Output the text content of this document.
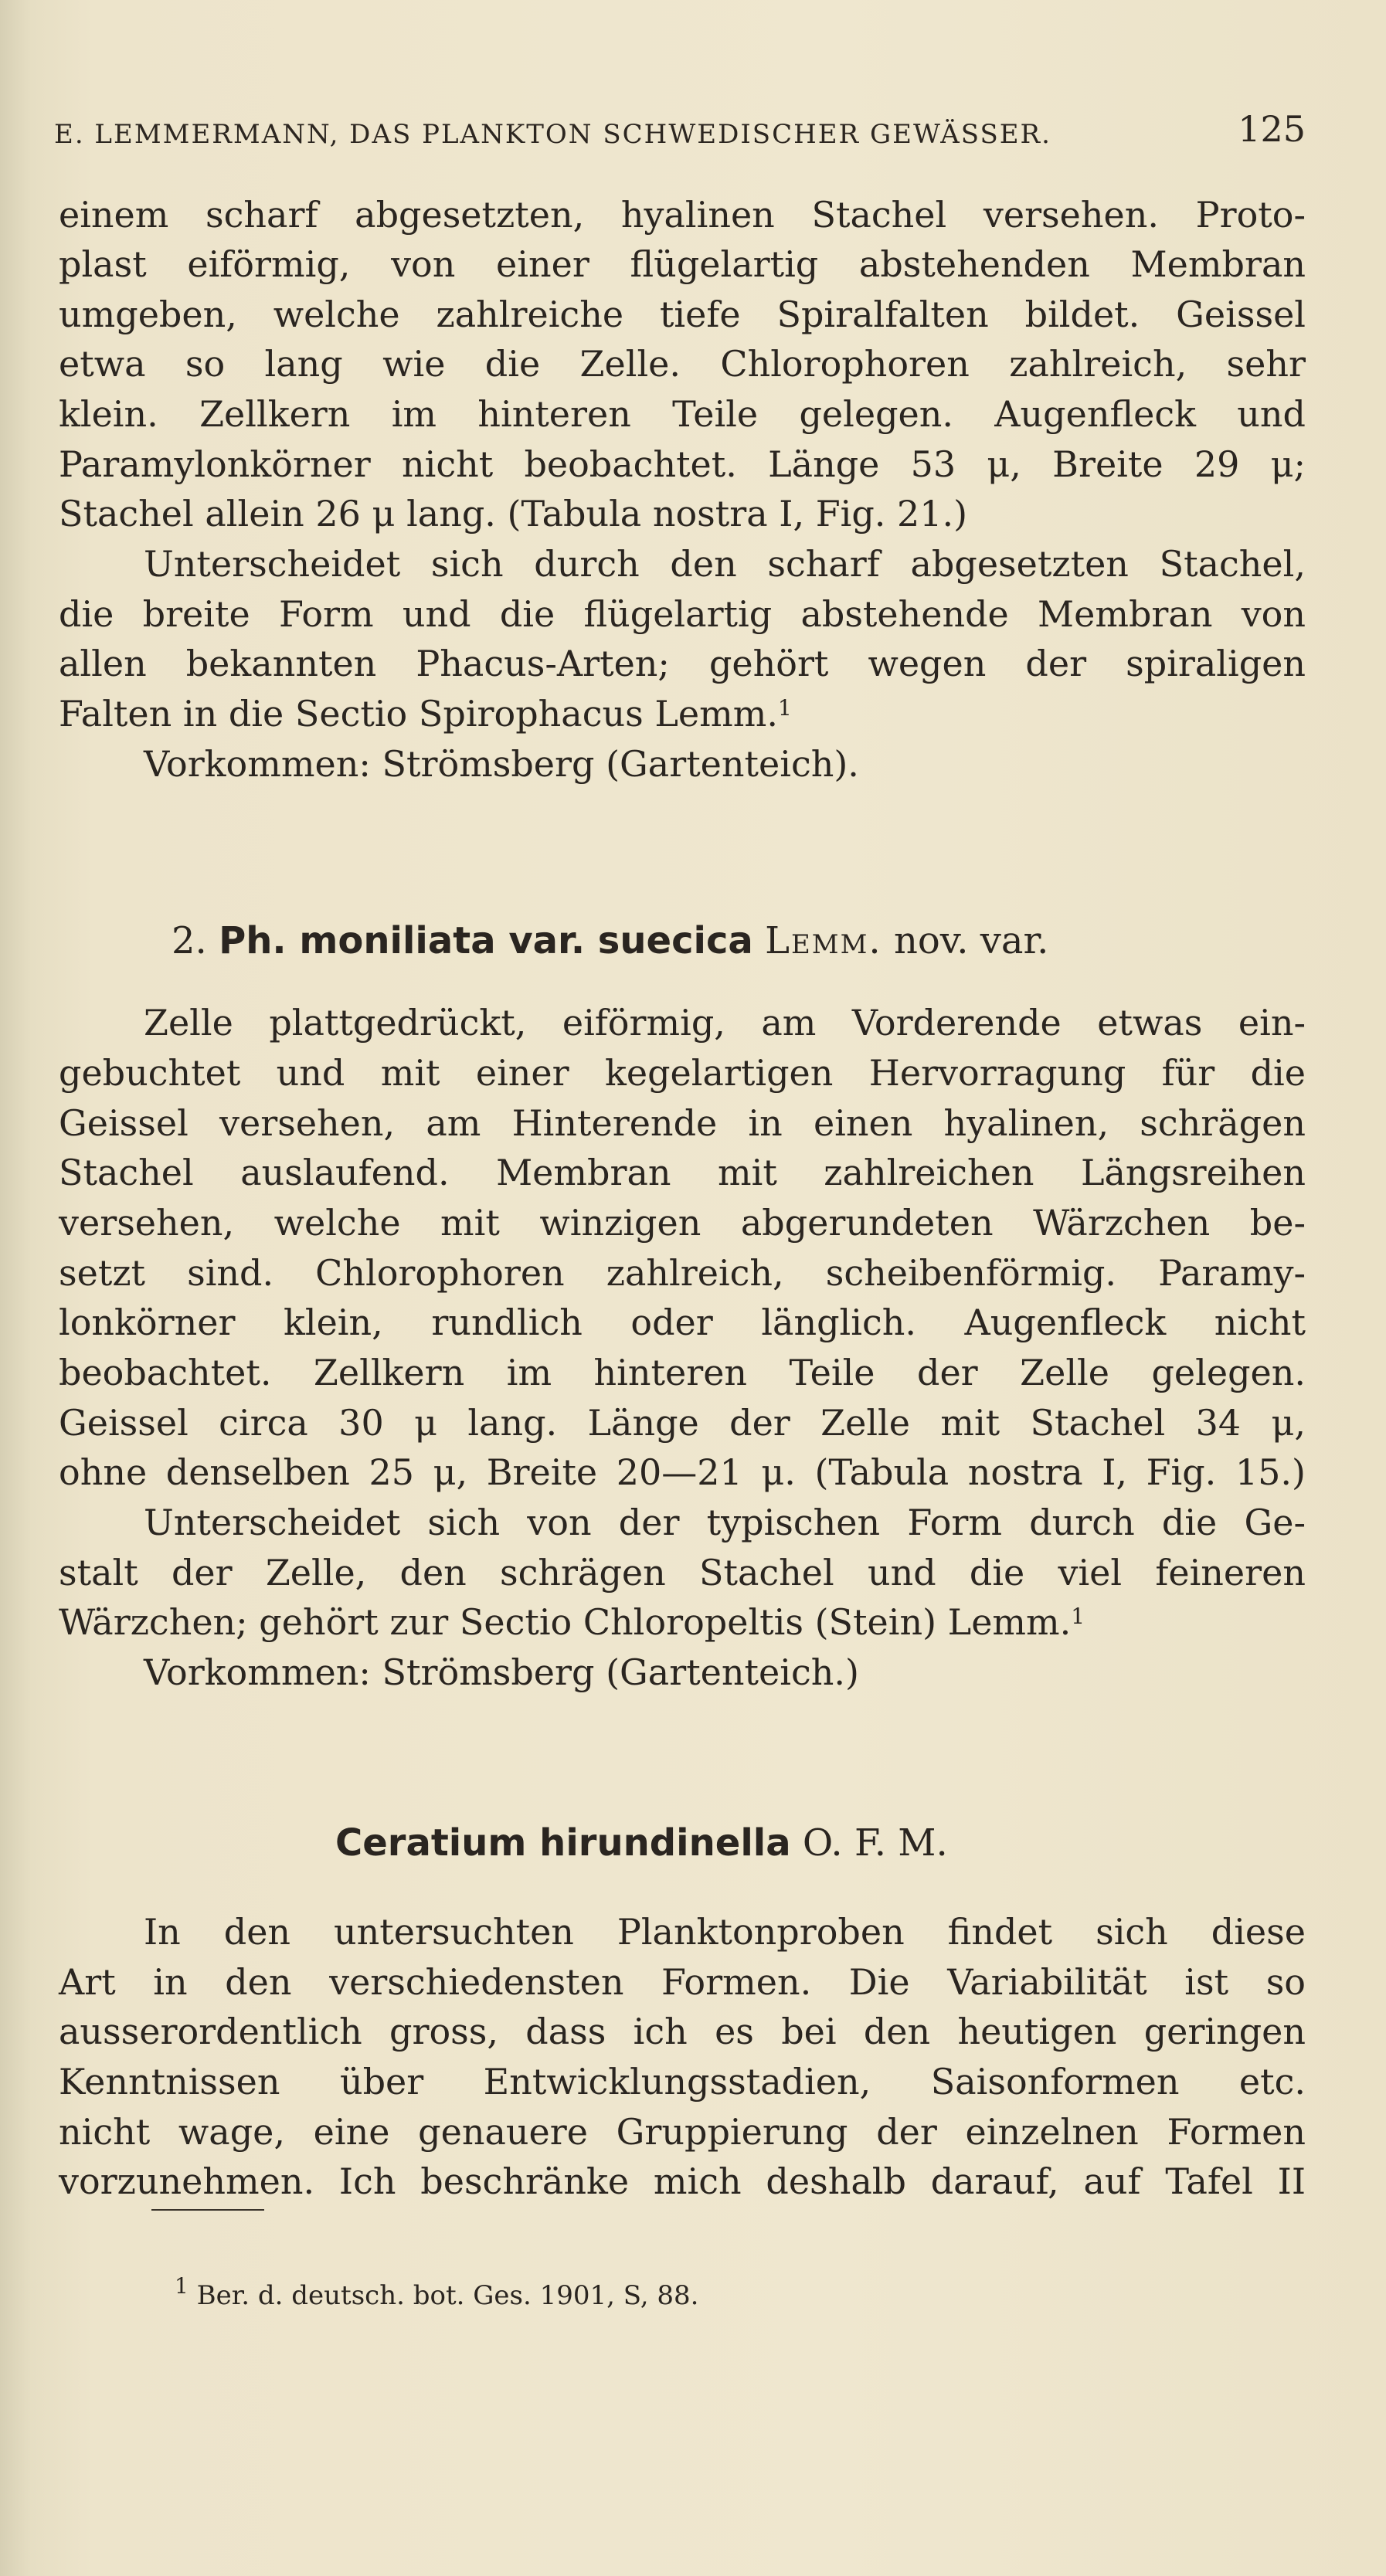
E. LEMMERMANN, DAS PLANKTON SCHWEDISCHER GEWÄSSER.	125
einem scharf abgesetzten, hyalinen Stachel versehen. Proto-
plast eiförmig, von einer flügelartig abstehenden Membran
umgeben, welche zahlreiche tiefe Spiralfalten bildet. Geissel
etwa so lang wie die Zelle. Chlorophoren zahlreich, sehr
klein. Zellkern im hinteren Teile gelegen. Augenfleck und
Paramylonkörner nicht beobachtet. Länge 53 μ, Breite 29 μ;
Stachel allein 26 μ lang. (Tabula nostra I, Fig. 21.)
Unterscheidet sich durch den scharf abgesetzten Stachel,
die breite Form und die flügelartig abstehende Membran von
allen bekannten Phacus-Arten; gehört wegen der spiraligen
Falten in die Sectio Spirophacus Lemm.$^1$
Vorkommen: Strömsberg (Gartenteich).
2. Ph. moniliata var. suecica Lemm. nov. var.
Zelle plattgedrückt, eiförmig, am Vorderende etwas ein-
gebuchtet und mit einer kegelartigen Hervorragung für die
Geissel versehen, am Hinterende in einen hyalinen, schrägen
Stachel auslaufend. Membran mit zahlreichen Längsreihen
versehen, welche mit winzigen abgerundeten Wärzchen be-
setzt sind. Chlorophoren zahlreich, scheibenförmig. Paramy-
lonkörner klein, rundlich oder länglich. Augenfleck nicht
beobachtet. Zellkern im hinteren Teile der Zelle gelegen.
Geissel circa 30 μ lang. Länge der Zelle mit Stachel 34 μ,
ohne denselben 25 μ, Breite 20—21 μ. (Tabula nostra I, Fig. 15.)
Unterscheidet sich von der typischen Form durch die Ge-
stalt der Zelle, den schrägen Stachel und die viel feineren
Wärzchen; gehört zur Sectio Chloropeltis (Stein) Lemm.$^1$
Vorkommen: Strömsberg (Gartenteich.)
Ceratium hirundinella O. F. M.
In den untersuchten Planktonproben findet sich diese
Art in den verschiedensten Formen. Die Variabilität ist so
ausserordentlich gross, dass ich es bei den heutigen geringen
Kenntnissen über Entwicklungsstadien, Saisonformen etc.
nicht wage, eine genauere Gruppierung der einzelnen Formen
vorzunehmen. Ich beschränke mich deshalb darauf, auf Tafel II
$^1$ Ber. d. deutsch. bot. Ges. 1901, S, 88.
